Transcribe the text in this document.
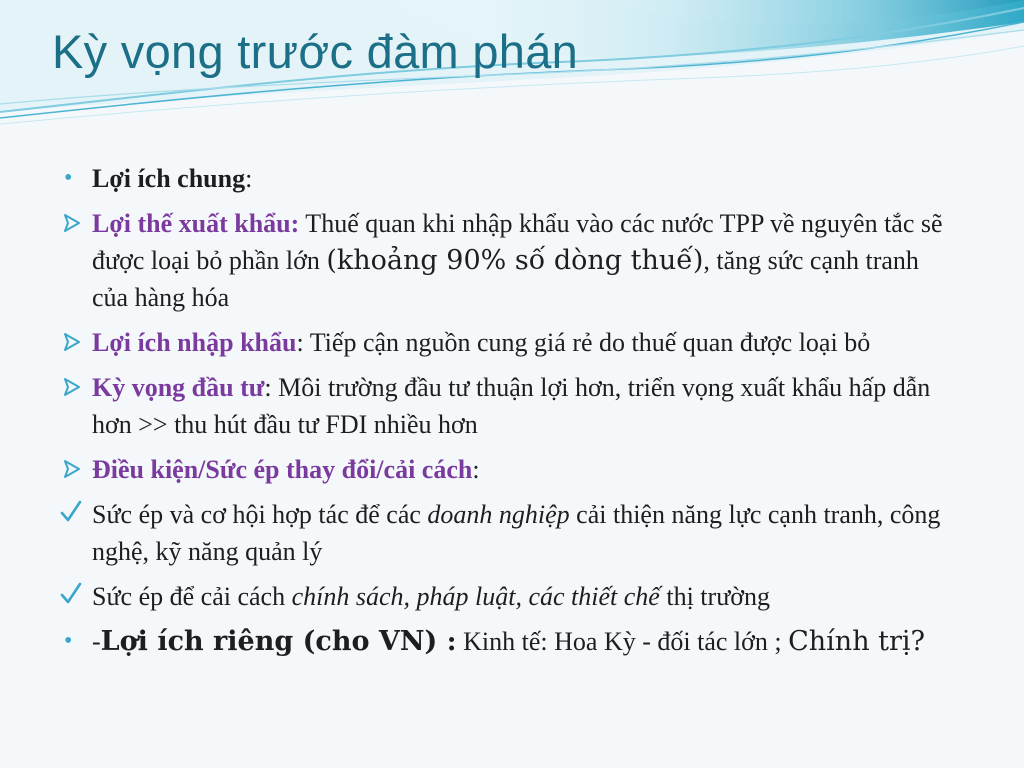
Kỳ vọng trước đàm phán
• Lợi ích chung:
Lợi thế xuất khẩu: Thuế quan khi nhập khẩu vào các nước TPP về nguyên tắc sẽ được loại bỏ phần lớn (khoảng 90% số dòng thuế), tăng sức cạnh tranh của hàng hóa
Lợi ích nhập khẩu: Tiếp cận nguồn cung giá rẻ do thuế quan được loại bỏ
Kỳ vọng đầu tư: Môi trường đầu tư thuận lợi hơn, triển vọng xuất khẩu hấp dẫn hơn >> thu hút đầu tư FDI nhiều hơn
Điều kiện/Sức ép thay đổi/cải cách:
Sức ép và cơ hội hợp tác để các doanh nghiệp cải thiện năng lực cạnh tranh, công nghệ, kỹ năng quản lý
Sức ép để cải cách chính sách, pháp luật, các thiết chế thị trường
• -Lợi ích riêng (cho VN) : Kinh tế: Hoa Kỳ - đối tác lớn ; Chính trị?
